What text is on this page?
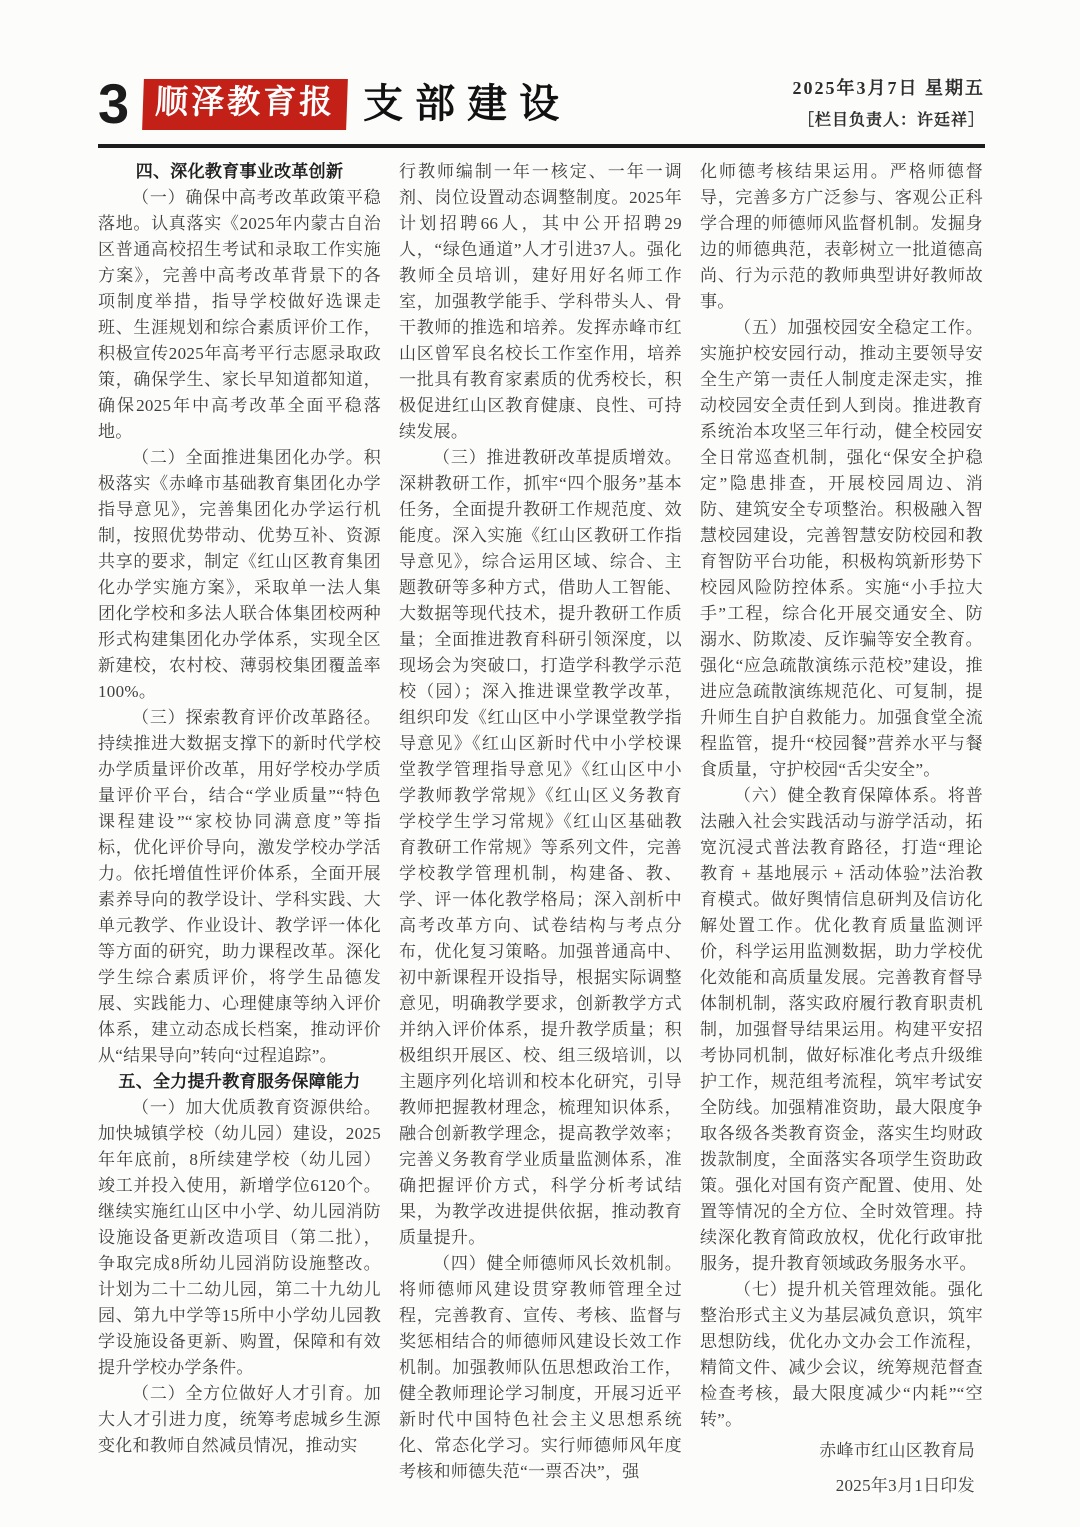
3 顺泽教育报 支部建设	2025年3月7日 星期五
［栏目负责人：许廷祥］

四、深化教育事业改革创新

（一）确保中高考改革政策平稳落地。认真落实《2025年内蒙古自治区普通高校招生考试和录取工作实施方案》，完善中高考改革背景下的各项制度举措，指导学校做好选课走班、生涯规划和综合素质评价工作，积极宣传2025年高考平行志愿录取政策，确保学生、家长早知道都知道，确保2025年中高考改革全面平稳落地。

（二）全面推进集团化办学。积极落实《赤峰市基础教育集团化办学指导意见》，完善集团化办学运行机制，按照优势带动、优势互补、资源共享的要求，制定《红山区教育集团化办学实施方案》，采取单一法人集团化学校和多法人联合体集团校两种形式构建集团化办学体系，实现全区新建校，农村校、薄弱校集团覆盖率100%。

（三）探索教育评价改革路径。持续推进大数据支撑下的新时代学校办学质量评价改革，用好学校办学质量评价平台，结合“学业质量”“特色课程建设”“家校协同满意度”等指标，优化评价导向，激发学校办学活力。依托增值性评价体系，全面开展素养导向的教学设计、学科实践、大单元教学、作业设计、教学评一体化等方面的研究，助力课程改革。深化学生综合素质评价，将学生品德发展、实践能力、心理健康等纳入评价体系，建立动态成长档案，推动评价从“结果导向”转向“过程追踪”。

五、全力提升教育服务保障能力

（一）加大优质教育资源供给。加快城镇学校（幼儿园）建设，2025年年底前，8所续建学校（幼儿园）竣工并投入使用，新增学位6120个。继续实施红山区中小学、幼儿园消防设施设备更新改造项目（第二批），争取完成8所幼儿园消防设施整改。计划为二十二幼儿园，第二十九幼儿园、第九中学等15所中小学幼儿园教学设施设备更新、购置，保障和有效提升学校办学条件。

（二）全方位做好人才引育。加大人才引进力度，统筹考虑城乡生源变化和教师自然减员情况，推动实

行教师编制一年一核定、一年一调剂、岗位设置动态调整制度。2025年计划招聘66人，其中公开招聘29人，“绿色通道”人才引进37人。强化教师全员培训，建好用好名师工作室，加强教学能手、学科带头人、骨干教师的推选和培养。发挥赤峰市红山区曾军良名校长工作室作用，培养一批具有教育家素质的优秀校长，积极促进红山区教育健康、良性、可持续发展。

（三）推进教研改革提质增效。深耕教研工作，抓牢“四个服务”基本任务，全面提升教研工作规范度、效能度。深入实施《红山区教研工作指导意见》，综合运用区域、综合、主题教研等多种方式，借助人工智能、大数据等现代技术，提升教研工作质量；全面推进教育科研引领深度，以现场会为突破口，打造学科教学示范校（园）；深入推进课堂教学改革，组织印发《红山区中小学课堂教学指导意见》《红山区新时代中小学校课堂教学管理指导意见》《红山区中小学教师教学常规》《红山区义务教育学校学生学习常规》《红山区基础教育教研工作常规》等系列文件，完善学校教学管理机制，构建备、教、学、评一体化教学格局；深入剖析中高考改革方向、试卷结构与考点分布，优化复习策略。加强普通高中、初中新课程开设指导，根据实际调整意见，明确教学要求，创新教学方式并纳入评价体系，提升教学质量；积极组织开展区、校、组三级培训，以主题序列化培训和校本化研究，引导教师把握教材理念，梳理知识体系，融合创新教学理念，提高教学效率；完善义务教育学业质量监测体系，准确把握评价方式，科学分析考试结果，为教学改进提供依据，推动教育质量提升。

（四）健全师德师风长效机制。将师德师风建设贯穿教师管理全过程，完善教育、宣传、考核、监督与奖惩相结合的师德师风建设长效工作机制。加强教师队伍思想政治工作，健全教师理论学习制度，开展习近平新时代中国特色社会主义思想系统化、常态化学习。实行师德师风年度考核和师德失范“一票否决”，强

化师德考核结果运用。严格师德督导，完善多方广泛参与、客观公正科学合理的师德师风监督机制。发掘身边的师德典范，表彰树立一批道德高尚、行为示范的教师典型讲好教师故事。

（五）加强校园安全稳定工作。实施护校安园行动，推动主要领导安全生产第一责任人制度走深走实，推动校园安全责任到人到岗。推进教育系统治本攻坚三年行动，健全校园安全日常巡查机制，强化“保安全护稳定”隐患排查，开展校园周边、消防、建筑安全专项整治。积极融入智慧校园建设，完善智慧安防校园和教育智防平台功能，积极构筑新形势下校园风险防控体系。实施“小手拉大手”工程，综合化开展交通安全、防溺水、防欺凌、反诈骗等安全教育。强化“应急疏散演练示范校”建设，推进应急疏散演练规范化、可复制，提升师生自护自救能力。加强食堂全流程监管，提升“校园餐”营养水平与餐食质量，守护校园“舌尖安全”。

（六）健全教育保障体系。将普法融入社会实践活动与游学活动，拓宽沉浸式普法教育路径，打造“理论教育 + 基地展示 + 活动体验”法治教育模式。做好舆情信息研判及信访化解处置工作。优化教育质量监测评价，科学运用监测数据，助力学校优化效能和高质量发展。完善教育督导体制机制，落实政府履行教育职责机制，加强督导结果运用。构建平安招考协同机制，做好标准化考点升级维护工作，规范组考流程，筑牢考试安全防线。加强精准资助，最大限度争取各级各类教育资金，落实生均财政拨款制度，全面落实各项学生资助政策。强化对国有资产配置、使用、处置等情况的全方位、全时效管理。持续深化教育简政放权，优化行政审批服务，提升教育领域政务服务水平。

（七）提升机关管理效能。强化整治形式主义为基层减负意识，筑牢思想防线，优化办文办会工作流程，精简文件、减少会议，统筹规范督查检查考核，最大限度减少“内耗”“空转”。

赤峰市红山区教育局

2025年3月1日印发
